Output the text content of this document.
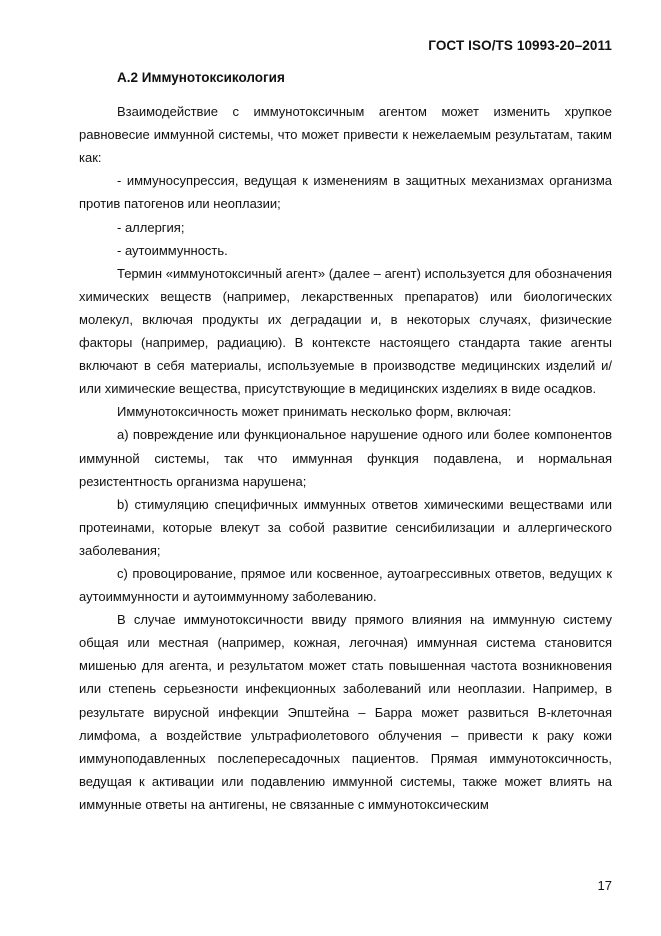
ГОСТ ISO/TS 10993-20–2011
А.2 Иммунотоксикология

Взаимодействие с иммунотоксичным агентом может изменить хрупкое равновесие иммунной системы, что может привести к нежелаемым результатам, таким как:

- иммуносупрессия, ведущая к изменениям в защитных механизмах организма против патогенов или неоплазии;

- аллергия;

- аутоиммунность.

Термин «иммунотоксичный агент» (далее – агент) используется для обозначения химических веществ (например, лекарственных препаратов) или биологических молекул, включая продукты их деградации и, в некоторых случаях, физические факторы (например, радиацию). В контексте настоящего стандарта такие агенты включают в себя материалы, используемые в производстве медицинских изделий и/или химические вещества, присутствующие в медицинских изделиях в виде осадков.

Иммунотоксичность может принимать несколько форм, включая:

а) повреждение или функциональное нарушение одного или более компонентов иммунной системы, так что иммунная функция подавлена, и нормальная резистентность организма нарушена;

b) стимуляцию специфичных иммунных ответов химическими веществами или протеинами, которые влекут за собой развитие сенсибилизации и аллергического заболевания;

c) провоцирование, прямое или косвенное, аутоагрессивных ответов, ведущих к аутоиммунности и аутоиммунному заболеванию.

В случае иммунотоксичности ввиду прямого влияния на иммунную систему общая или местная (например, кожная, легочная) иммунная система становится мишенью для агента, и результатом может стать повышенная частота возникновения или степень серьезности инфекционных заболеваний или неоплазии. Например, в результате вирусной инфекции Эпштейна – Барра может развиться В-клеточная лимфома, а воздействие ультрафиолетового облучения – привести к раку кожи иммуноподавленных послепересадочных пациентов. Прямая иммунотоксичность, ведущая к активации или подавлению иммунной системы, также может влиять на иммунные ответы на антигены, не связанные с иммунотоксическим

17
